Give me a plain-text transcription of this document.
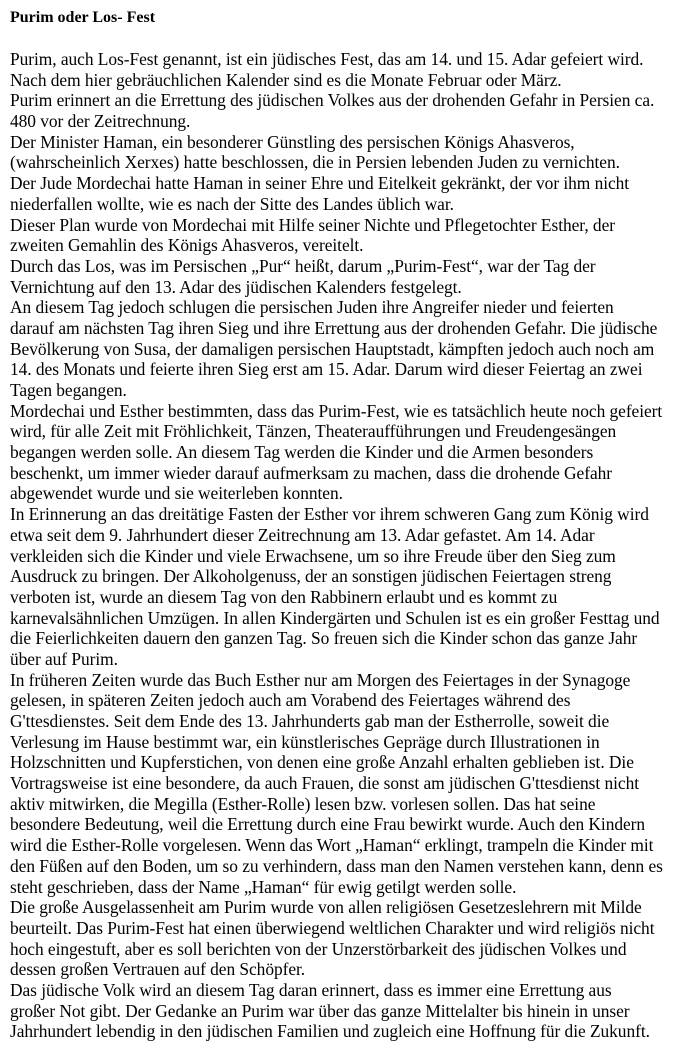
Purim oder Los- Fest
Purim, auch Los-Fest genannt, ist ein jüdisches Fest, das am 14. und 15. Adar gefeiert wird.
Nach dem hier gebräuchlichen Kalender sind es die Monate Februar oder März.
Purim erinnert an die Errettung des jüdischen Volkes aus der drohenden Gefahr in Persien ca.
480 vor der Zeitrechnung.
Der Minister Haman, ein besonderer Günstling des persischen Königs Ahasveros,
(wahrscheinlich Xerxes) hatte beschlossen, die in Persien lebenden Juden zu vernichten.
Der Jude Mordechai hatte Haman in seiner Ehre und Eitelkeit gekränkt, der vor ihm nicht
niederfallen wollte, wie es nach der Sitte des Landes üblich war.
Dieser Plan wurde von Mordechai mit Hilfe seiner Nichte und Pflegetochter Esther, der
zweiten Gemahlin des Königs Ahasveros, vereitelt.
Durch das Los, was im Persischen „Pur“ heißt, darum „Purim-Fest“, war der Tag der
Vernichtung auf den 13. Adar des jüdischen Kalenders festgelegt.
An diesem Tag jedoch schlugen die persischen Juden ihre Angreifer nieder und feierten
darauf am nächsten Tag ihren Sieg und ihre Errettung aus der drohenden Gefahr. Die jüdische
Bevölkerung von Susa, der damaligen persischen Hauptstadt, kämpften jedoch auch noch am
14. des Monats und feierte ihren Sieg erst am 15. Adar. Darum wird dieser Feiertag an zwei
Tagen begangen.
Mordechai und Esther bestimmten, dass das Purim-Fest, wie es tatsächlich heute noch gefeiert
wird, für alle Zeit mit Fröhlichkeit, Tänzen, Theateraufführungen und Freudengesängen
begangen werden solle. An diesem Tag werden die Kinder und die Armen besonders
beschenkt, um immer wieder darauf aufmerksam zu machen, dass die drohende Gefahr
abgewendet wurde und sie weiterleben konnten.
In Erinnerung an das dreitätige Fasten der Esther vor ihrem schweren Gang zum König wird
etwa seit dem 9. Jahrhundert dieser Zeitrechnung am 13. Adar gefastet. Am 14. Adar
verkleiden sich die Kinder und viele Erwachsene, um so ihre Freude über den Sieg zum
Ausdruck zu bringen. Der Alkoholgenuss, der an sonstigen jüdischen Feiertagen streng
verboten ist, wurde an diesem Tag von den Rabbinern erlaubt und es kommt zu
karnevalsähnlichen Umzügen. In allen Kindergärten und Schulen ist es ein großer Festtag und
die Feierlichkeiten dauern den ganzen Tag. So freuen sich die Kinder schon das ganze Jahr
über auf Purim.
In früheren Zeiten wurde das Buch Esther nur am Morgen des Feiertages in der Synagoge
gelesen, in späteren Zeiten jedoch auch am Vorabend des Feiertages während des
G'ttesdienstes. Seit dem Ende des 13. Jahrhunderts gab man der Estherrolle, soweit die
Verlesung im Hause bestimmt war, ein künstlerisches Gepräge durch Illustrationen in
Holzschnitten und Kupferstichen, von denen eine große Anzahl erhalten geblieben ist. Die
Vortragsweise ist eine besondere, da auch Frauen, die sonst am jüdischen G'ttesdienst nicht
aktiv mitwirken, die Megilla (Esther-Rolle) lesen bzw. vorlesen sollen. Das hat seine
besondere Bedeutung, weil die Errettung durch eine Frau bewirkt wurde. Auch den Kindern
wird die Esther-Rolle vorgelesen. Wenn das Wort „Haman“ erklingt, trampeln die Kinder mit
den Füßen auf den Boden, um so zu verhindern, dass man den Namen verstehen kann, denn es
steht geschrieben, dass der Name „Haman“ für ewig getilgt werden solle.
Die große Ausgelassenheit am Purim wurde von allen religiösen Gesetzeslehrern mit Milde
beurteilt. Das Purim-Fest hat einen überwiegend weltlichen Charakter und wird religiös nicht
hoch eingestuft, aber es soll berichten von der Unzerstörbarkeit des jüdischen Volkes und
dessen großen Vertrauen auf den Schöpfer.
Das jüdische Volk wird an diesem Tag daran erinnert, dass es immer eine Errettung aus
großer Not gibt. Der Gedanke an Purim war über das ganze Mittelalter bis hinein in unser
Jahrhundert lebendig in den jüdischen Familien und zugleich eine Hoffnung für die Zukunft.
